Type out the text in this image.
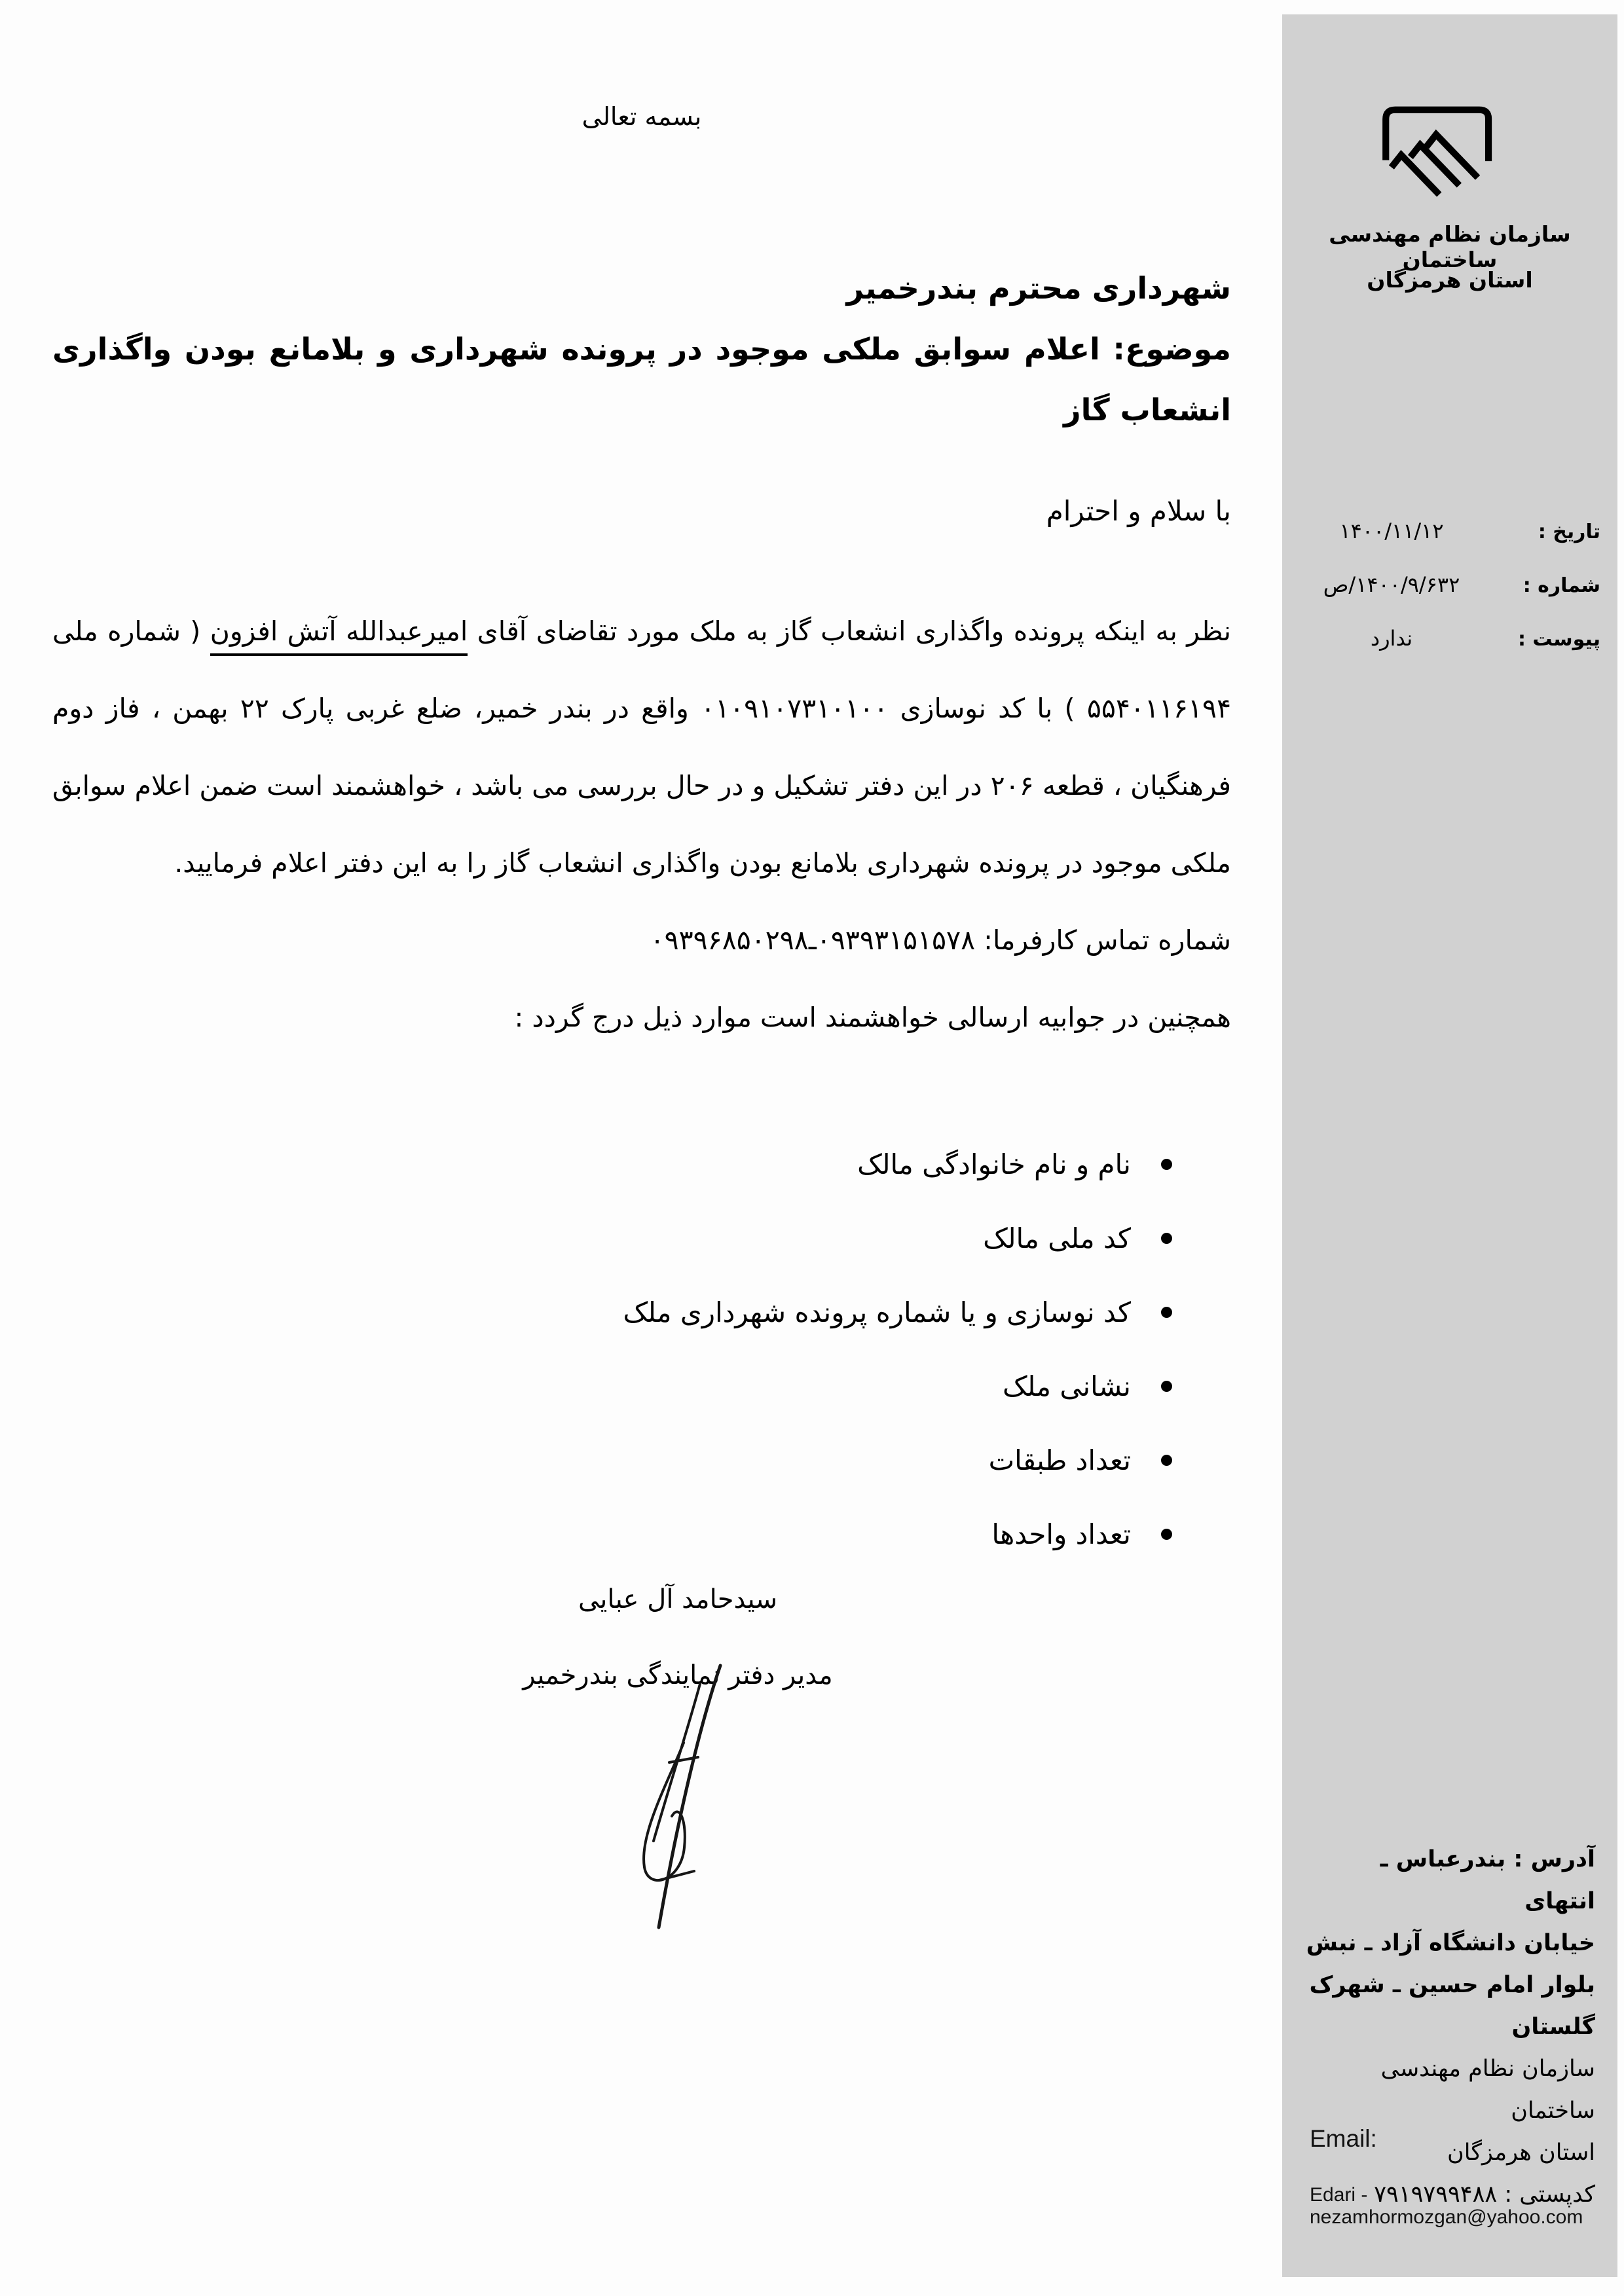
سازمان نظام مهندسی ساختمان
استان هرمزگان
تاریخ :
۱۴۰۰/۱۱/۱۲
شماره :
۱۴۰۰/۹/۶۳۲/ص
پیوست :
ندارد
آدرس : بندرعباس ـ انتهای
خیابان دانشگاه آزاد ـ نبش
بلوار امام حسین ـ شهرک
گلستان
سازمان نظام مهندسی ساختمان
استان هرمزگان
کدپستی : ۷۹۱۹۷۹۹۴۸۸
Email:
Edari - nezamhormozgan@yahoo.com
بسمه تعالی
شهرداری محترم بندرخمیر
موضوع: اعلام سوابق ملکی موجود در پرونده شهرداری و بلامانع بودن واگذاری انشعاب گاز
با سلام و احترام

نظر به اینکه پرونده واگذاری انشعاب گاز به ملک مورد تقاضای آقای امیرعبدالله آتش افزون ( شماره ملی ۵۵۴۰۱۱۶۱۹۴ ) با کد نوسازی ۰۱۰۹۱۰۷۳۱۰۱۰۰ واقع در بندر خمیر، ضلع غربی پارک ۲۲ بهمن ، فاز دوم فرهنگیان ، قطعه ۲۰۶ در این دفتر تشکیل و در حال بررسی می باشد ، خواهشمند است ضمن اعلام سوابق ملکی موجود در پرونده شهرداری بلامانع بودن واگذاری انشعاب گاز را به این دفتر اعلام فرمایید.

شماره تماس کارفرما: ۰۹۳۹۳۱۵۱۵۷۸ـ۰۹۳۹۶۸۵۰۲۹۸

همچنین در جوابیه ارسالی خواهشمند است موارد ذیل درج گردد :

نام و نام خانوادگی مالک
کد ملی مالک
کد نوسازی و یا شماره پرونده شهرداری ملک
نشانی ملک
تعداد طبقات
تعداد واحدها
سیدحامد آل عبایی
مدیر دفتر نمایندگی بندرخمیر
